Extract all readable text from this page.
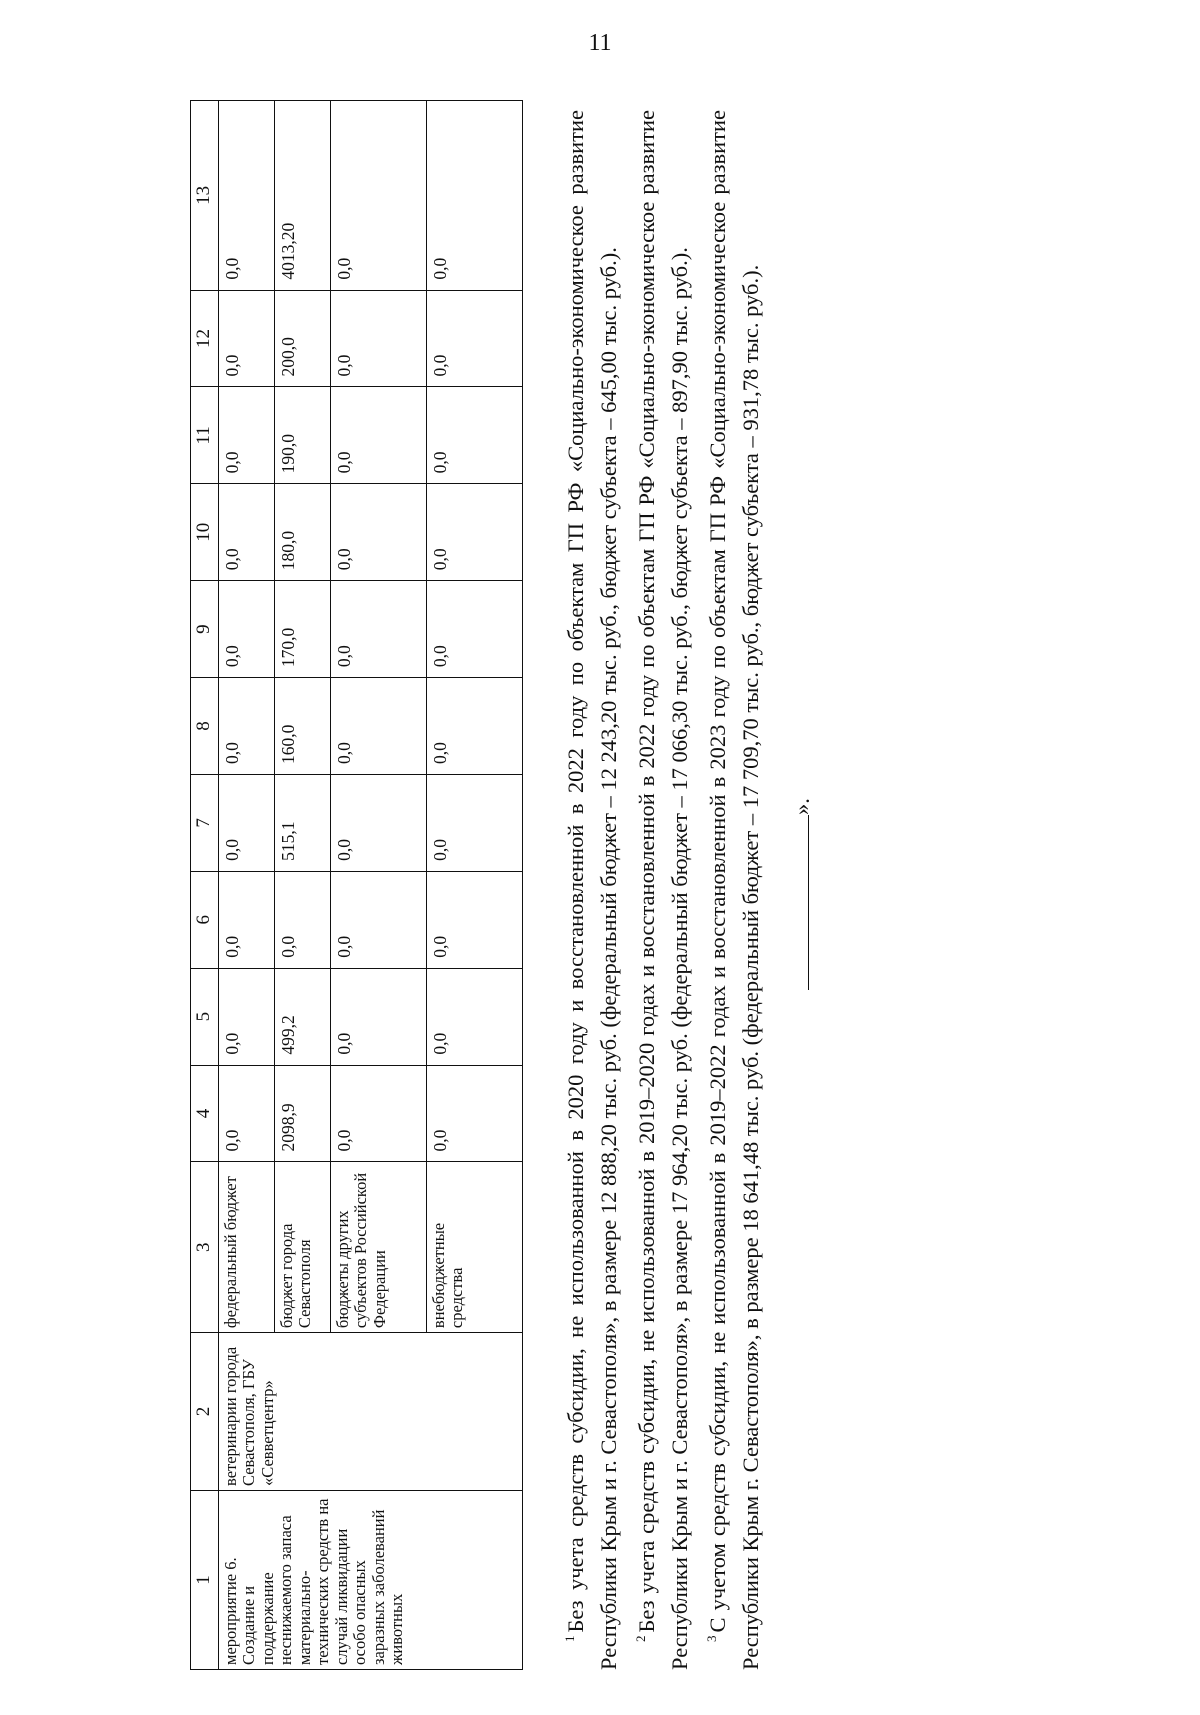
11
1	2	3	4	5	6	7	8	9	10	11	12	13
мероприятие 6. Создание и поддержание неснижаемого запаса материально-технических средств на случай ликвидации особо опасных заразных заболеваний животных	ветеринарии города Севастополя, ГБУ «Севветцентр»	федеральный бюджет	0,0	0,0	0,0	0,0	0,0	0,0	0,0	0,0	0,0	0,0
		бюджет города Севастополя	2098,9	499,2	0,0	515,1	160,0	170,0	180,0	190,0	200,0	4013,20
		бюджеты других субъектов Российской Федерации	0,0	0,0	0,0	0,0	0,0	0,0	0,0	0,0	0,0	0,0
		внебюджетные средства	0,0	0,0	0,0	0,0	0,0	0,0	0,0	0,0	0,0	0,0

$^1$Без учета средств субсидии, не использованной в 2020 году и восстановленной в 2022 году по объектам ГП РФ «Социально-экономическое развитие Республики Крым и г. Севастополя», в размере 12 888,20 тыс. руб. (федеральный бюджет – 12 243,20 тыс. руб., бюджет субъекта – 645,00 тыс. руб.). $^2$Без учета средств субсидии, не использованной в 2019–2020 годах и восстановленной в 2022 году по объектам ГП РФ «Социально-экономическое развитие Республики Крым и г. Севастополя», в размере 17 964,20 тыс. руб. (федеральный бюджет – 17 066,30 тыс. руб., бюджет субъекта – 897,90 тыс. руб.). $^3$С учетом средств субсидии, не использованной в 2019–2022 годах и восстановленной в 2023 году по объектам ГП РФ «Социально-экономическое развитие Республики Крым г. Севастополя», в размере 18 641,48 тыс. руб. (федеральный бюджет – 17 709,70 тыс. руб., бюджет субъекта – 931,78 тыс. руб.). ».
